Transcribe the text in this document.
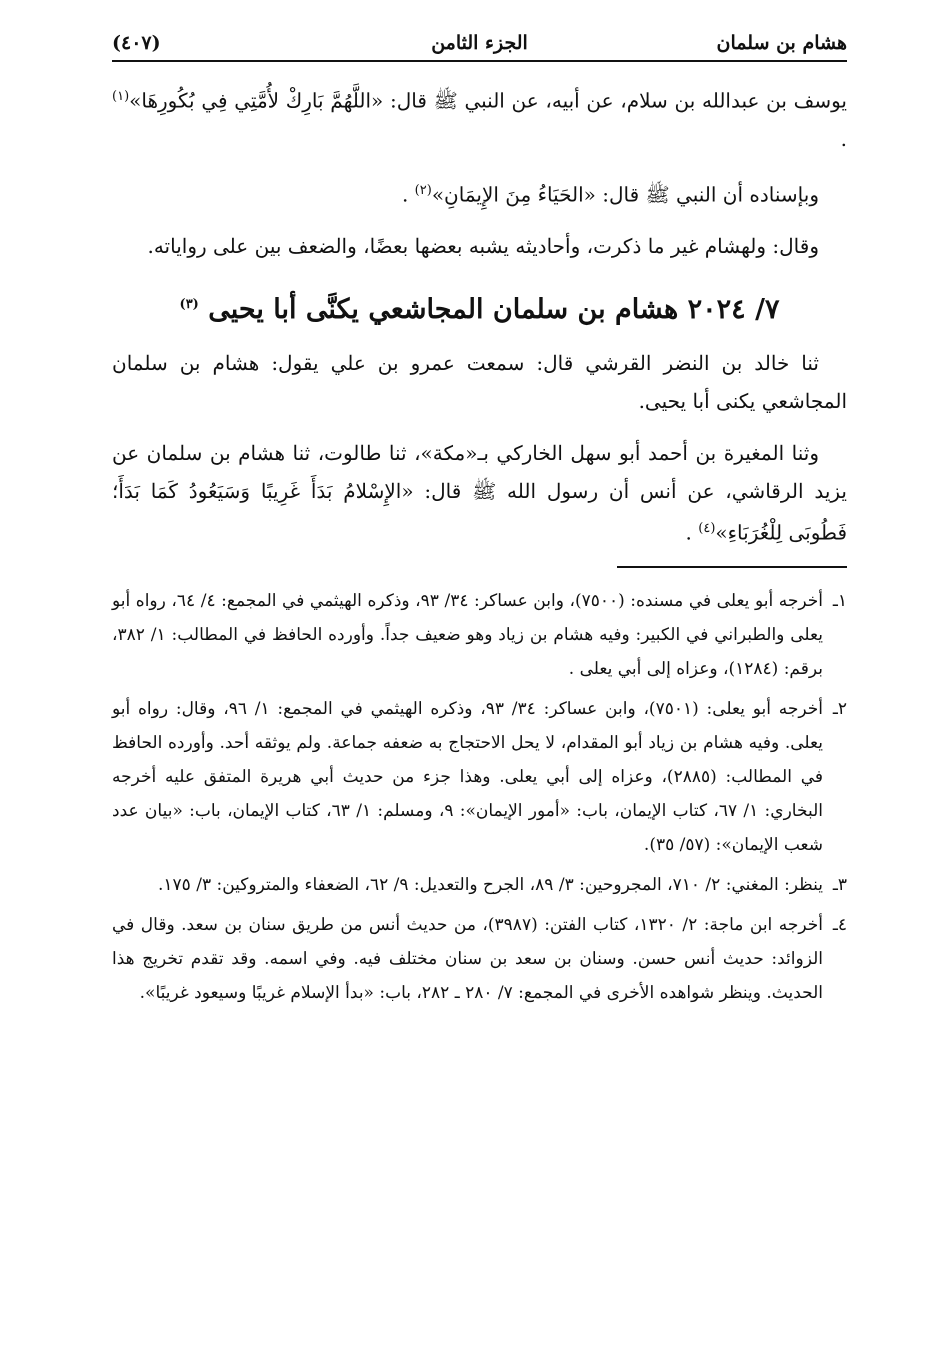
هشام بن سلمان
الجزء الثامن
(٤٠٧)

يوسف بن عبدالله بن سلام، عن أبيه، عن النبي ﷺ قال: «اللَّهُمَّ بَارِكْ لأُمَّتِي فِي بُكُورِهَا»$^{(١)}$ .

وبإسناده أن النبي ﷺ قال: «الحَيَاءُ مِنَ الإِيمَانِ»$^{(٢)}$ .

وقال: ولهشام غير ما ذكرت، وأحاديثه يشبه بعضها بعضًا، والضعف بين على رواياته.

٧/ ٢٠٢٤ هشام بن سلمان المجاشعي يكنَّى أبا يحيى $^{(٣)}$

ثنا خالد بن النضر القرشي قال: سمعت عمرو بن علي يقول: هشام بن سلمان المجاشعي يكنى أبا يحيى.

وثنا المغيرة بن أحمد أبو سهل الخاركي بـ«مكة»، ثنا طالوت، ثنا هشام بن سلمان عن يزيد الرقاشي، عن أنس أن رسول الله ﷺ قال: «الإِسْلامُ بَدَأَ غَرِيبًا وَسَيَعُودُ كَمَا بَدَأَ؛ فَطُوبَى لِلْغُرَبَاءِ»$^{(٤)}$ .

١ـ
أخرجه أبو يعلى في مسنده: (٧٥٠٠)، وابن عساكر: ٣٤/ ٩٣، وذكره الهيثمي في المجمع: ٤/ ٦٤، رواه أبو يعلى والطبراني في الكبير: وفيه هشام بن زياد وهو ضعيف جداً. وأورده الحافظ في المطالب: ١/ ٣٨٢، برقم: (١٢٨٤)، وعزاه إلى أبي يعلى .
٢ـ
أخرجه أبو يعلى: (٧٥٠١)، وابن عساكر: ٣٤/ ٩٣، وذكره الهيثمي في المجمع: ١/ ٩٦، وقال: رواه أبو يعلى. وفيه هشام بن زياد أبو المقدام، لا يحل الاحتجاج به ضعفه جماعة. ولم يوثقه أحد. وأورده الحافظ في المطالب: (٢٨٨٥)، وعزاه إلى أبي يعلى. وهذا جزء من حديث أبي هريرة المتفق عليه أخرجه البخاري: ١/ ٦٧، كتاب الإيمان، باب: «أمور الإيمان»: ٩، ومسلم: ١/ ٦٣، كتاب الإيمان، باب: «بيان عدد شعب الإيمان»: (٥٧/ ٣٥).
٣ـ
ينظر: المغني: ٢/ ٧١٠، المجروحين: ٣/ ٨٩، الجرح والتعديل: ٩/ ٦٢، الضعفاء والمتروكين: ٣/ ١٧٥.
٤ـ
أخرجه ابن ماجة: ٢/ ١٣٢٠، كتاب الفتن: (٣٩٨٧)، من حديث أنس من طريق سنان بن سعد. وقال في الزوائد: حديث أنس حسن. وسنان بن سعد بن سنان مختلف فيه. وفي اسمه. وقد تقدم تخريج هذا الحديث. وينظر شواهده الأخرى في المجمع: ٧/ ٢٨٠ ـ ٢٨٢، باب: «بدأ الإسلام غريبًا وسيعود غريبًا».
